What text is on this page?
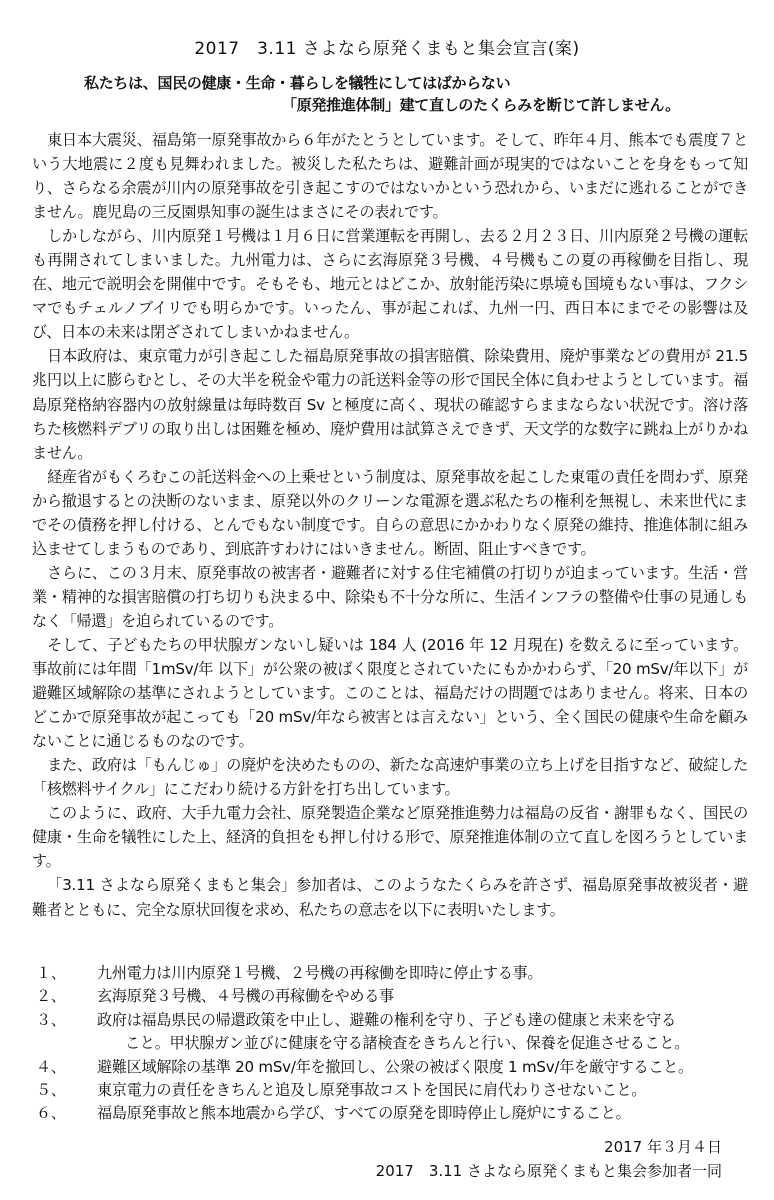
2017　3.11 さよなら原発くまもと集会宣言(案)
私たちは、国民の健康・生命・暮らしを犠牲にしてはばからない
「原発推進体制」建て直しのたくらみを断じて許しません。

東日本大震災、福島第一原発事故から６年がたとうとしています。そして、昨年４月、熊本でも震度７という大地震に２度も見舞われました。被災した私たちは、避難計画が現実的ではないことを身をもって知り、さらなる余震が川内の原発事故を引き起こすのではないかという恐れから、いまだに逃れることができません。鹿児島の三反園県知事の誕生はまさにその表れです。

しかしながら、川内原発１号機は１月６日に営業運転を再開し、去る２月２３日、川内原発２号機の運転も再開されてしまいました。九州電力は、さらに玄海原発３号機、４号機もこの夏の再稼働を目指し、現在、地元で説明会を開催中です。そもそも、地元とはどこか、放射能汚染に県境も国境もない事は、フクシマでもチェルノブイリでも明らかです。いったん、事が起これば、九州一円、西日本にまでその影響は及び、日本の未来は閉ざされてしまいかねません。

日本政府は、東京電力が引き起こした福島原発事故の損害賠償、除染費用、廃炉事業などの費用が 21.5 兆円以上に膨らむとし、その大半を税金や電力の託送料金等の形で国民全体に負わせようとしています。福島原発格納容器内の放射線量は毎時数百 Sv と極度に高く、現状の確認すらままならない状況です。溶け落ちた核燃料デブリの取り出しは困難を極め、廃炉費用は試算さえできず、天文学的な数字に跳ね上がりかねません。

経産省がもくろむこの託送料金への上乗せという制度は、原発事故を起こした東電の責任を問わず、原発から撤退するとの決断のないまま、原発以外のクリーンな電源を選ぶ私たちの権利を無視し、未来世代にまでその債務を押し付ける、とんでもない制度です。自らの意思にかかわりなく原発の維持、推進体制に組み込ませてしまうものであり、到底許すわけにはいきません。断固、阻止すべきです。

さらに、この３月末、原発事故の被害者・避難者に対する住宅補償の打切りが迫まっています。生活・営業・精神的な損害賠償の打ち切りも決まる中、除染も不十分な所に、生活インフラの整備や仕事の見通しもなく「帰還」を迫られているのです。

そして、子どもたちの甲状腺ガンないし疑いは 184 人 (2016 年 12 月現在) を数えるに至っています。事故前には年間「1mSv/年 以下」が公衆の被ばく限度とされていたにもかかわらず、「20 mSv/年以下」が避難区域解除の基準にされようとしています。このことは、福島だけの問題ではありません。将来、日本のどこかで原発事故が起こっても「20 mSv/年なら被害とは言えない」という、全く国民の健康や生命を顧みないことに通じるものなのです。

また、政府は「もんじゅ」の廃炉を決めたものの、新たな高速炉事業の立ち上げを目指すなど、破綻した「核燃料サイクル」にこだわり続ける方針を打ち出しています。

このように、政府、大手九電力会社、原発製造企業など原発推進勢力は福島の反省・謝罪もなく、国民の健康・生命を犠牲にした上、経済的負担をも押し付ける形で、原発推進体制の立て直しを図ろうとしています。

「3.11 さよなら原発くまもと集会」参加者は、このようなたくらみを許さず、福島原発事故被災者・避難者とともに、完全な原状回復を求め、私たちの意志を以下に表明いたします。

１、	九州電力は川内原発１号機、２号機の再稼働を即時に停止する事。
２、	玄海原発３号機、４号機の再稼働をやめる事
３、	政府は福島県民の帰還政策を中止し、避難の権利を守り、子ども達の健康と未来を守る
こと。甲状腺ガン並びに健康を守る諸検査をきちんと行い、保養を促進させること。
４、	避難区域解除の基準 20 mSv/年を撤回し、公衆の被ばく限度 1 mSv/年を厳守すること。
５、	東京電力の責任をきちんと追及し原発事故コストを国民に肩代わりさせないこと。
６、	福島原発事故と熊本地震から学び、すべての原発を即時停止し廃炉にすること。
2017 年３月４日
2017　3.11 さよなら原発くまもと集会参加者一同
